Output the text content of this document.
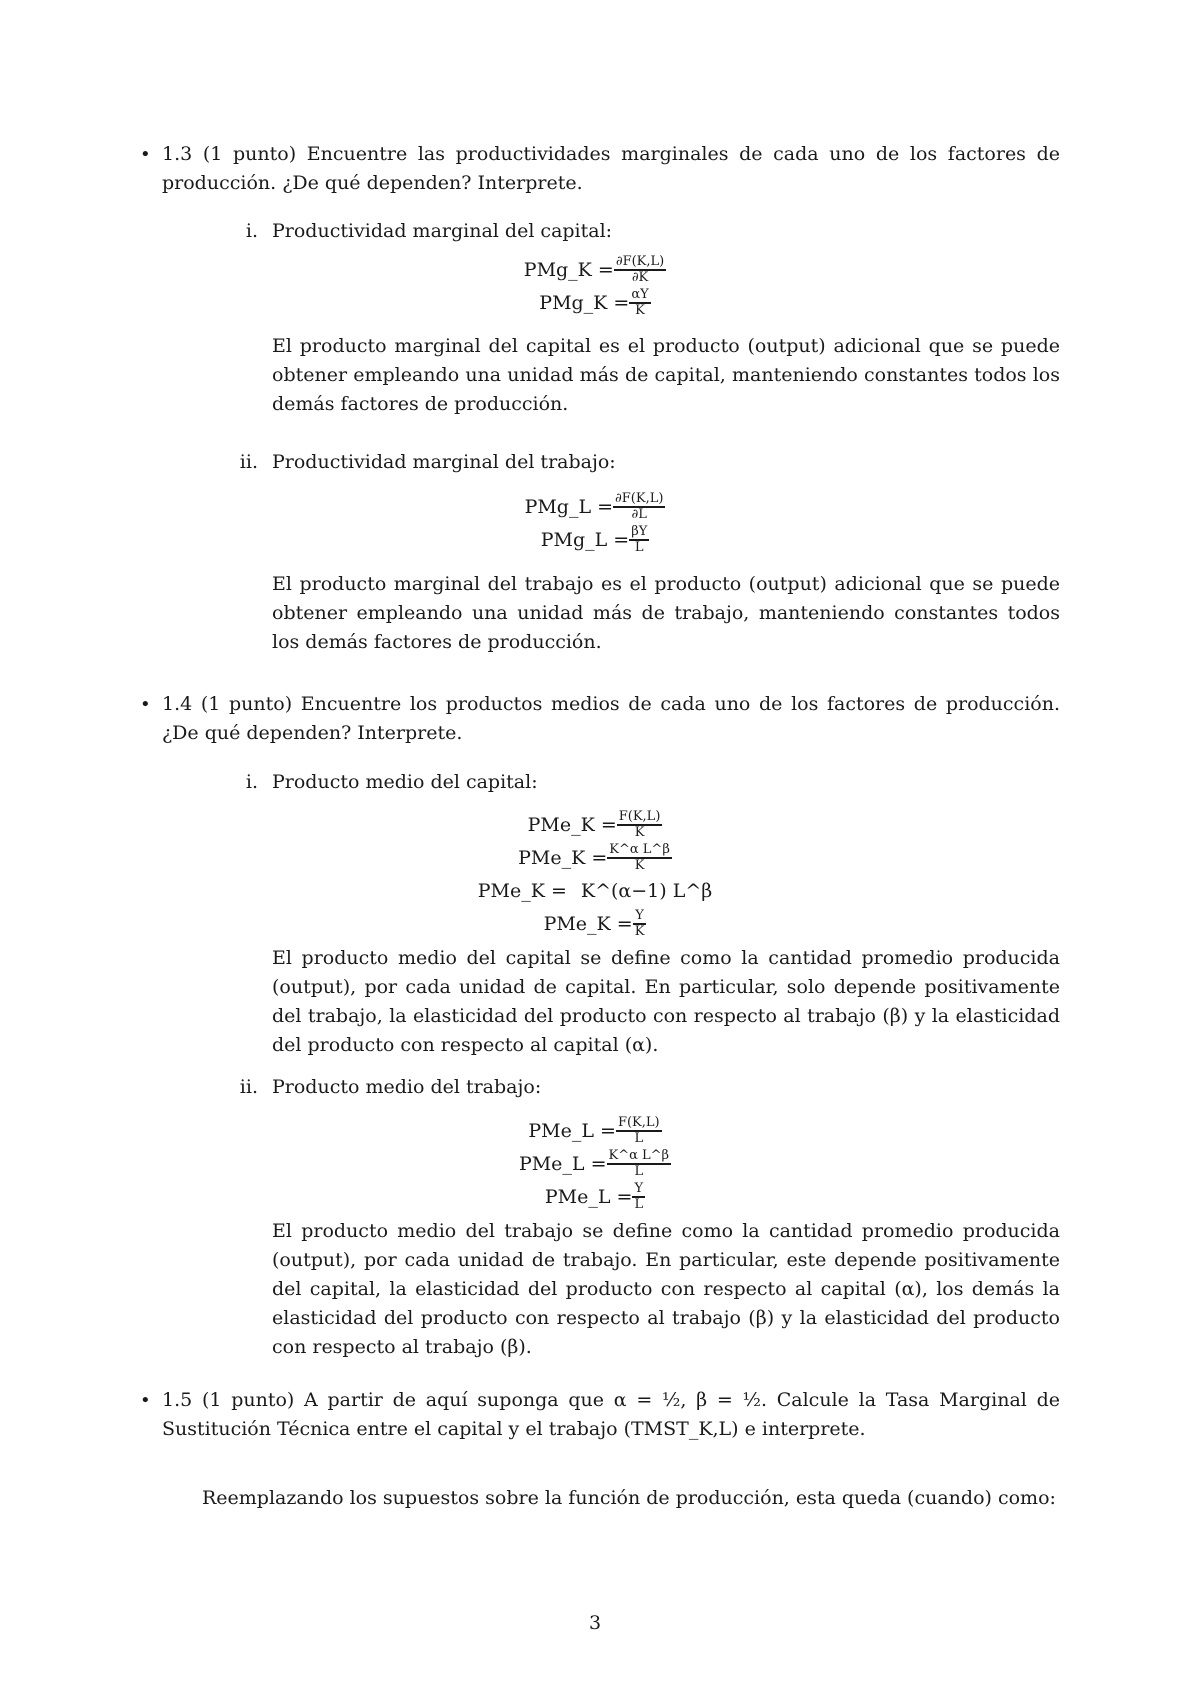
• 1.3 (1 punto) Encuentre las productividades marginales de cada uno de los factores de producción. ¿De qué dependen? Interprete.

i. Productividad marginal del capital:
PMg_K = $\frac{\partial F(K,L)}{\partial K}$
PMg_K = $\frac{\alpha Y}{K}$

El producto marginal del capital es el producto (output) adicional que se puede obtener empleando una unidad más de capital, manteniendo constantes todos los demás factores de producción.

ii. Productividad marginal del trabajo:
PMg_L = $\frac{\partial F(K,L)}{\partial L}$
PMg_L = $\frac{\beta Y}{L}$

El producto marginal del trabajo es el producto (output) adicional que se puede obtener empleando una unidad más de trabajo, manteniendo constantes todos los demás factores de producción.

• 1.4 (1 punto) Encuentre los productos medios de cada uno de los factores de producción. ¿De qué dependen? Interprete.

i. Producto medio del capital:
PMe_K = $\frac{F(K,L)}{K}$
PMe_K = $\frac{\text{K\textasciicircum{}α L\textasciicircum{}β}}{K}$
PMe_K = K^(α−1) L^β
PMe_K = $\frac{Y}{K}$

El producto medio del capital se define como la cantidad promedio producida (output), por cada unidad de capital. En particular, solo depende positivamente del trabajo, la elasticidad del producto con respecto al trabajo (β) y la elasticidad del producto con respecto al capital (α).

ii. Producto medio del trabajo:
PMe_L = $\frac{F(K,L)}{L}$
PMe_L = $\frac{\text{K\textasciicircum{}α L\textasciicircum{}β}}{L}$
PMe_L = $\frac{Y}{L}$

El producto medio del trabajo se define como la cantidad promedio producida (output), por cada unidad de trabajo. En particular, este depende positivamente del capital, la elasticidad del producto con respecto al capital (α), los demás la elasticidad del producto con respecto al trabajo (β) y la elasticidad del producto con respecto al trabajo (β).

• 1.5 (1 punto) A partir de aquí suponga que α = ½, β = ½. Calcule la Tasa Marginal de Sustitución Técnica entre el capital y el trabajo (TMST_K,L) e interprete.

Reemplazando los supuestos sobre la función de producción, esta queda (cuando) como:

3
